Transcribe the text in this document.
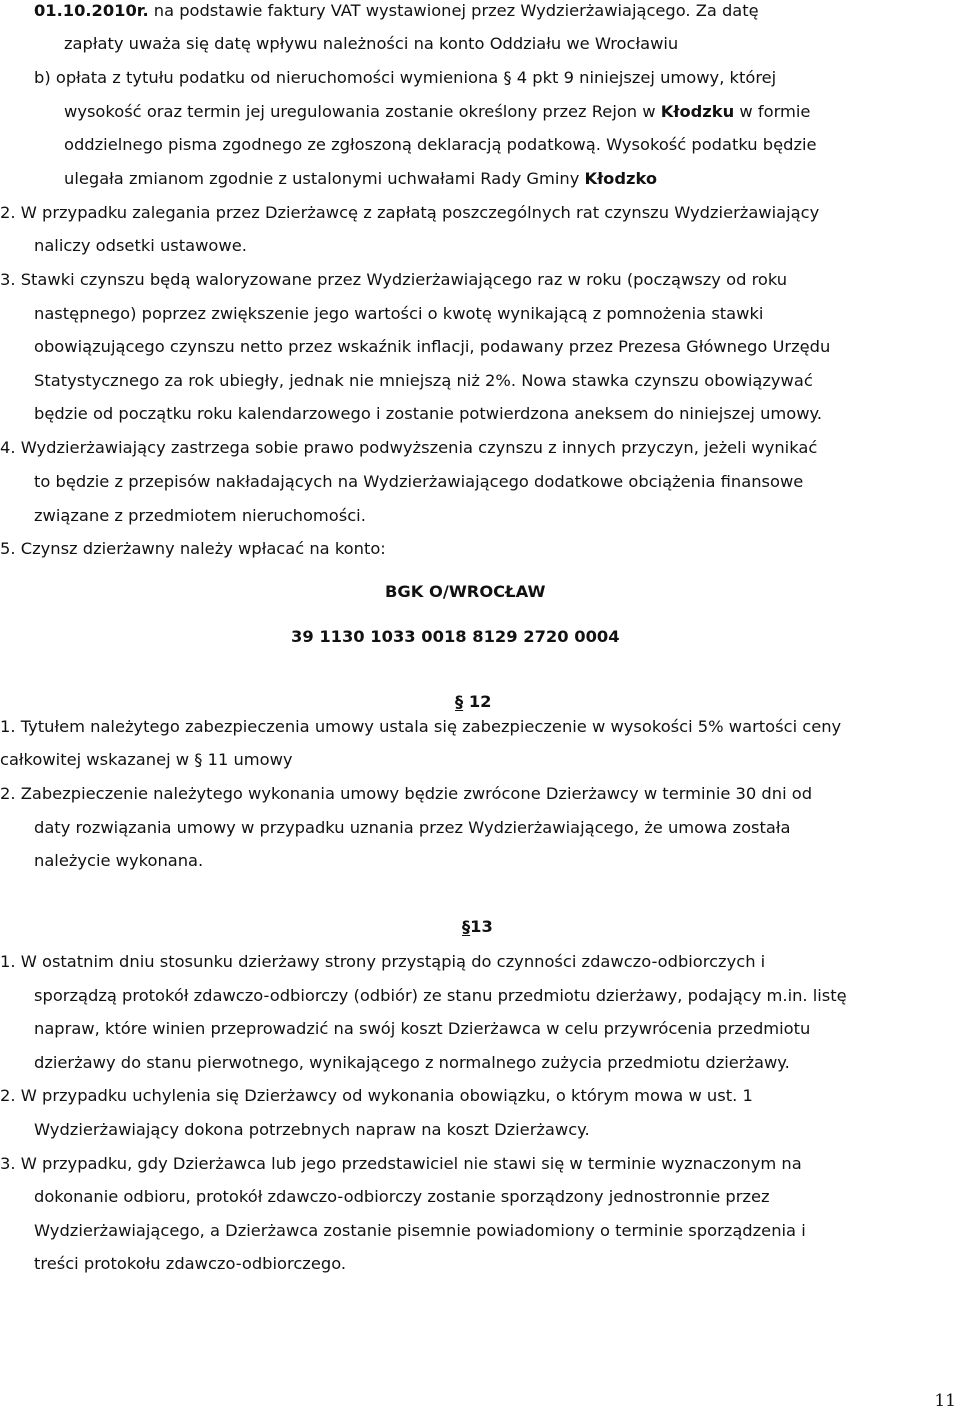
01.10.2010r. na podstawie faktury VAT wystawionej przez Wydzierżawiającego. Za datę
zapłaty uważa się datę wpływu należności na konto Oddziału we Wrocławiu
b) opłata z tytułu podatku od nieruchomości wymieniona § 4 pkt 9 niniejszej umowy, której
wysokość oraz termin jej uregulowania zostanie określony przez Rejon w Kłodzku w formie
oddzielnego pisma zgodnego ze zgłoszoną deklaracją podatkową. Wysokość podatku będzie
ulegała zmianom zgodnie z ustalonymi uchwałami Rady Gminy Kłodzko
2. W przypadku zalegania przez Dzierżawcę z zapłatą poszczególnych rat czynszu Wydzierżawiający
naliczy odsetki ustawowe.
3. Stawki czynszu będą waloryzowane przez Wydzierżawiającego raz w roku (począwszy od roku
następnego) poprzez zwiększenie jego wartości o kwotę wynikającą z pomnożenia stawki
obowiązującego czynszu netto przez wskaźnik inflacji, podawany przez Prezesa Głównego Urzędu
Statystycznego za rok ubiegły, jednak nie mniejszą niż 2%. Nowa stawka czynszu obowiązywać
będzie od początku roku kalendarzowego i zostanie potwierdzona aneksem do niniejszej umowy.
4. Wydzierżawiający zastrzega sobie prawo podwyższenia czynszu z innych przyczyn, jeżeli wynikać
to będzie z przepisów nakładających na Wydzierżawiającego dodatkowe obciążenia finansowe
związane z przedmiotem nieruchomości.
5. Czynsz dzierżawny należy wpłacać na konto:
BGK O/WROCŁAW
39 1130 1033 0018 8129 2720 0004
§ 12
1. Tytułem należytego zabezpieczenia umowy ustala się zabezpieczenie w wysokości 5% wartości ceny
całkowitej wskazanej w § 11 umowy
2. Zabezpieczenie należytego wykonania umowy będzie zwrócone Dzierżawcy w terminie 30 dni od
daty rozwiązania umowy w przypadku uznania przez Wydzierżawiającego, że umowa została
należycie wykonana.
§13
1. W ostatnim dniu stosunku dzierżawy strony przystąpią do czynności zdawczo-odbiorczych i
sporządzą protokół zdawczo-odbiorczy (odbiór) ze stanu przedmiotu dzierżawy, podający m.in. listę
napraw, które winien przeprowadzić na swój koszt Dzierżawca w celu przywrócenia przedmiotu
dzierżawy do stanu pierwotnego, wynikającego z normalnego zużycia przedmiotu dzierżawy.
2. W przypadku uchylenia się Dzierżawcy od wykonania obowiązku, o którym mowa w ust. 1
Wydzierżawiający dokona potrzebnych napraw na koszt Dzierżawcy.
3. W przypadku, gdy Dzierżawca lub jego przedstawiciel nie stawi się w terminie wyznaczonym na
dokonanie odbioru, protokół zdawczo-odbiorczy zostanie sporządzony jednostronnie przez
Wydzierżawiającego, a Dzierżawca zostanie pisemnie powiadomiony o terminie sporządzenia i
treści protokołu zdawczo-odbiorczego.
11
